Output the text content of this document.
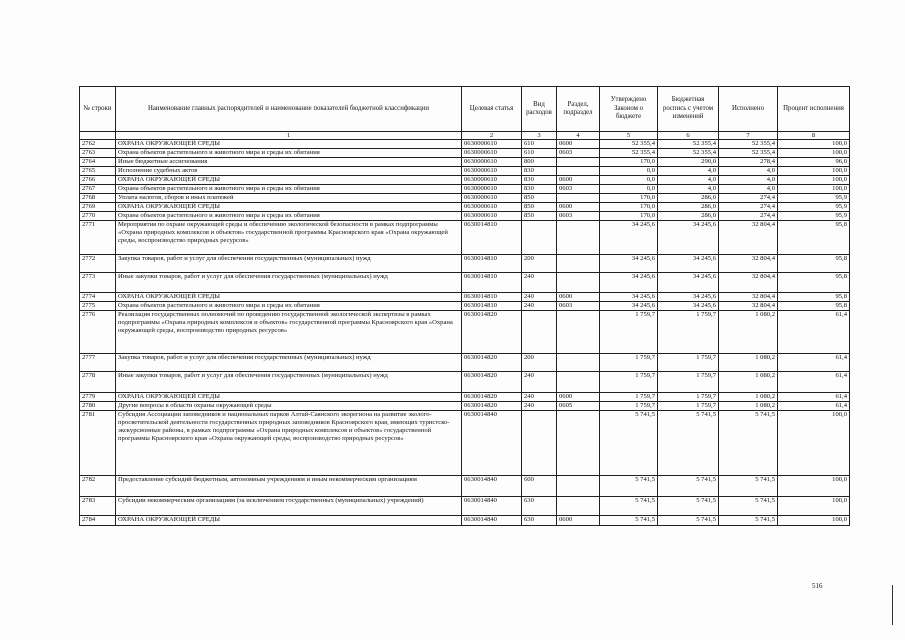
№ строки	Наименование главных распорядителей и наименование показателей бюджетной классификации	Целевая статья	Вид расходов	Раздел, подраздел	Утверждено Законом о бюджете	Бюджетная роспись с учетом изменений	Исполнено	Процент исполнения
	1	2	3	4	5	6	7	8
2762	ОХРАНА ОКРУЖАЮЩЕЙ СРЕДЫ	0630000610	610	0600	52 355,4	52 355,4	52 355,4	100,0
2763	Охрана объектов растительного и животного мира и среды их обитания	0630000610	610	0603	52 355,4	52 355,4	52 355,4	100,0
2764	Иные бюджетные ассигнования	0630000610	800		170,0	290,0	278,4	96,0
2765	Исполнение судебных актов	0630000610	830		0,0	4,0	4,0	100,0
2766	ОХРАНА ОКРУЖАЮЩЕЙ СРЕДЫ	0630000610	830	0600	0,0	4,0	4,0	100,0
2767	Охрана объектов растительного и животного мира и среды их обитания	0630000610	830	0603	0,0	4,0	4,0	100,0
2768	Уплата налогов, сборов и иных платежей	0630000610	850		170,0	286,0	274,4	95,9
2769	ОХРАНА ОКРУЖАЮЩЕЙ СРЕДЫ	0630000610	850	0600	170,0	286,0	274,4	95,9
2770	Охрана объектов растительного и животного мира и среды их обитания	0630000610	850	0603	170,0	286,0	274,4	95,9
2771	Мероприятия по охране окружающей среды и обеспечению экологической безопасности в рамках подпрограммы «Охрана природных комплексов и объектов» государственной программы Красноярского края «Охрана окружающей среды, воспроизводство природных ресурсов»	0630014810			34 245,6	34 245,6	32 804,4	95,8
2772	Закупка товаров, работ и услуг для обеспечения государственных (муниципальных) нужд	0630014810	200		34 245,6	34 245,6	32 804,4	95,8
2773	Иные закупки товаров, работ и услуг для обеспечения государственных (муниципальных) нужд	0630014810	240		34 245,6	34 245,6	32 804,4	95,8
2774	ОХРАНА ОКРУЖАЮЩЕЙ СРЕДЫ	0630014810	240	0600	34 245,6	34 245,6	32 804,4	95,8
2775	Охрана объектов растительного и животного мира и среды их обитания	0630014810	240	0603	34 245,6	34 245,6	32 804,4	95,8
2776	Реализация государственных полномочий по проведению государственной экологической экспертизы в рамках подпрограммы «Охрана природных комплексов и объектов» государственной программы Красноярского края «Охрана окружающей среды, воспроизводство природных ресурсов»	0630014820			1 759,7	1 759,7	1 080,2	61,4
2777	Закупка товаров, работ и услуг для обеспечения государственных (муниципальных) нужд	0630014820	200		1 759,7	1 759,7	1 080,2	61,4
2778	Иные закупки товаров, работ и услуг для обеспечения государственных (муниципальных) нужд	0630014820	240		1 759,7	1 759,7	1 080,2	61,4
2779	ОХРАНА ОКРУЖАЮЩЕЙ СРЕДЫ	0630014820	240	0600	1 759,7	1 759,7	1 080,2	61,4
2780	Другие вопросы в области охраны окружающей среды	0630014820	240	0605	1 759,7	1 759,7	1 080,2	61,4
2781	Субсидия Ассоциации заповедников и национальных парков Алтай-Саянского экорегиона на развитие эколого- просветительской деятельности государственных природных заповедников Красноярского края, имеющих туристско-экскурсионные районы, в рамках подпрограммы «Охрана природных комплексов и объектов» государственной программы Красноярского края «Охрана окружающей среды, воспроизводство природных ресурсов»	0630014840			5 741,5	5 741,5	5 741,5	100,0
2782	Предоставление субсидий бюджетным, автономным учреждениям и иным некоммерческим организациям	0630014840	600		5 741,5	5 741,5	5 741,5	100,0
2783	Субсидии некоммерческим организациям (за исключением государственных (муниципальных) учреждений)	0630014840	630		5 741,5	5 741,5	5 741,5	100,0
2784	ОХРАНА ОКРУЖАЮЩЕЙ СРЕДЫ	0630014840	630	0600	5 741,5	5 741,5	5 741,5	100,0
516
